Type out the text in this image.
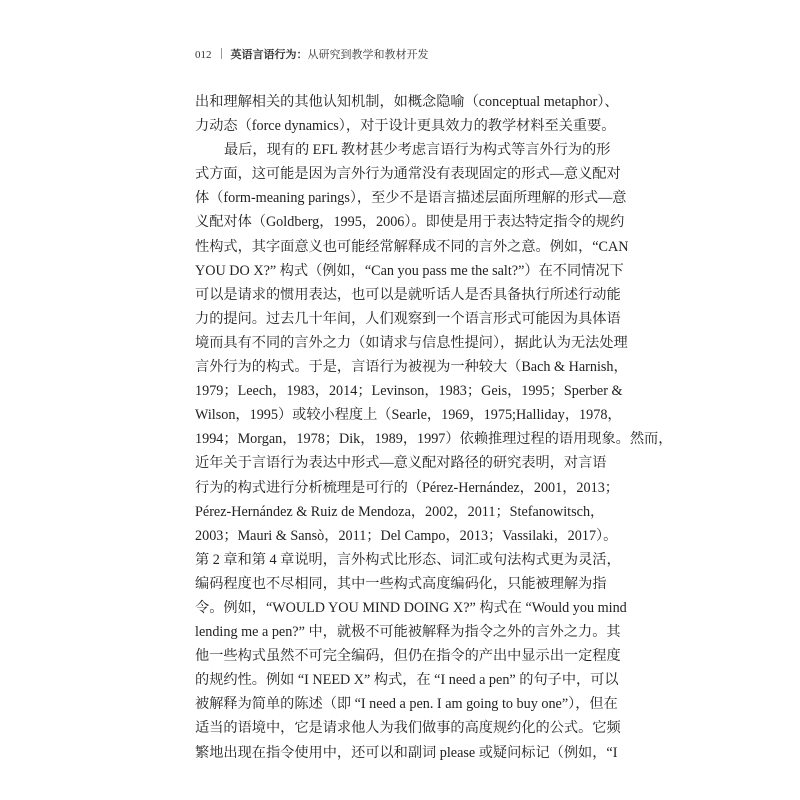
012 英语言语行为：从研究到教学和教材开发
出和理解相关的其他认知机制，如概念隐喻（conceptual metaphor）、
力动态（force dynamics），对于设计更具效力的教学材料至关重要。
最后，现有的 EFL 教材甚少考虑言语行为构式等言外行为的形
式方面，这可能是因为言外行为通常没有表现固定的形式—意义配对
体（form-meaning parings），至少不是语言描述层面所理解的形式—意
义配对体（Goldberg，1995，2006）。即使是用于表达特定指令的规约
性构式，其字面意义也可能经常解释成不同的言外之意。例如，“CAN
YOU DO X?” 构式（例如，“Can you pass me the salt?”）在不同情况下
可以是请求的惯用表达，也可以是就听话人是否具备执行所述行动能
力的提问。过去几十年间，人们观察到一个语言形式可能因为具体语
境而具有不同的言外之力（如请求与信息性提问），据此认为无法处理
言外行为的构式。于是，言语行为被视为一种较大（Bach & Harnish，
1979；Leech，1983，2014；Levinson，1983；Geis，1995；Sperber &
Wilson，1995）或较小程度上（Searle，1969，1975;Halliday，1978，
1994；Morgan，1978；Dik，1989，1997）依赖推理过程的语用现象。然而，
近年关于言语行为表达中形式—意义配对路径的研究表明，对言语
行为的构式进行分析梳理是可行的（Pérez-Hernández，2001，2013；
Pérez-Hernández & Ruiz de Mendoza，2002，2011；Stefanowitsch，
2003；Mauri & Sansò，2011；Del Campo，2013；Vassilaki，2017）。
第 2 章和第 4 章说明，言外构式比形态、词汇或句法构式更为灵活，
编码程度也不尽相同，其中一些构式高度编码化，只能被理解为指
令。例如，“WOULD YOU MIND DOING X?” 构式在 “Would you mind
lending me a pen?” 中，就极不可能被解释为指令之外的言外之力。其
他一些构式虽然不可完全编码，但仍在指令的产出中显示出一定程度
的规约性。例如 “I NEED X” 构式，在 “I need a pen” 的句子中，可以
被解释为简单的陈述（即 “I need a pen. I am going to buy one”），但在
适当的语境中，它是请求他人为我们做事的高度规约化的公式。它频
繁地出现在指令使用中，还可以和副词 please 或疑问标记（例如，“I
